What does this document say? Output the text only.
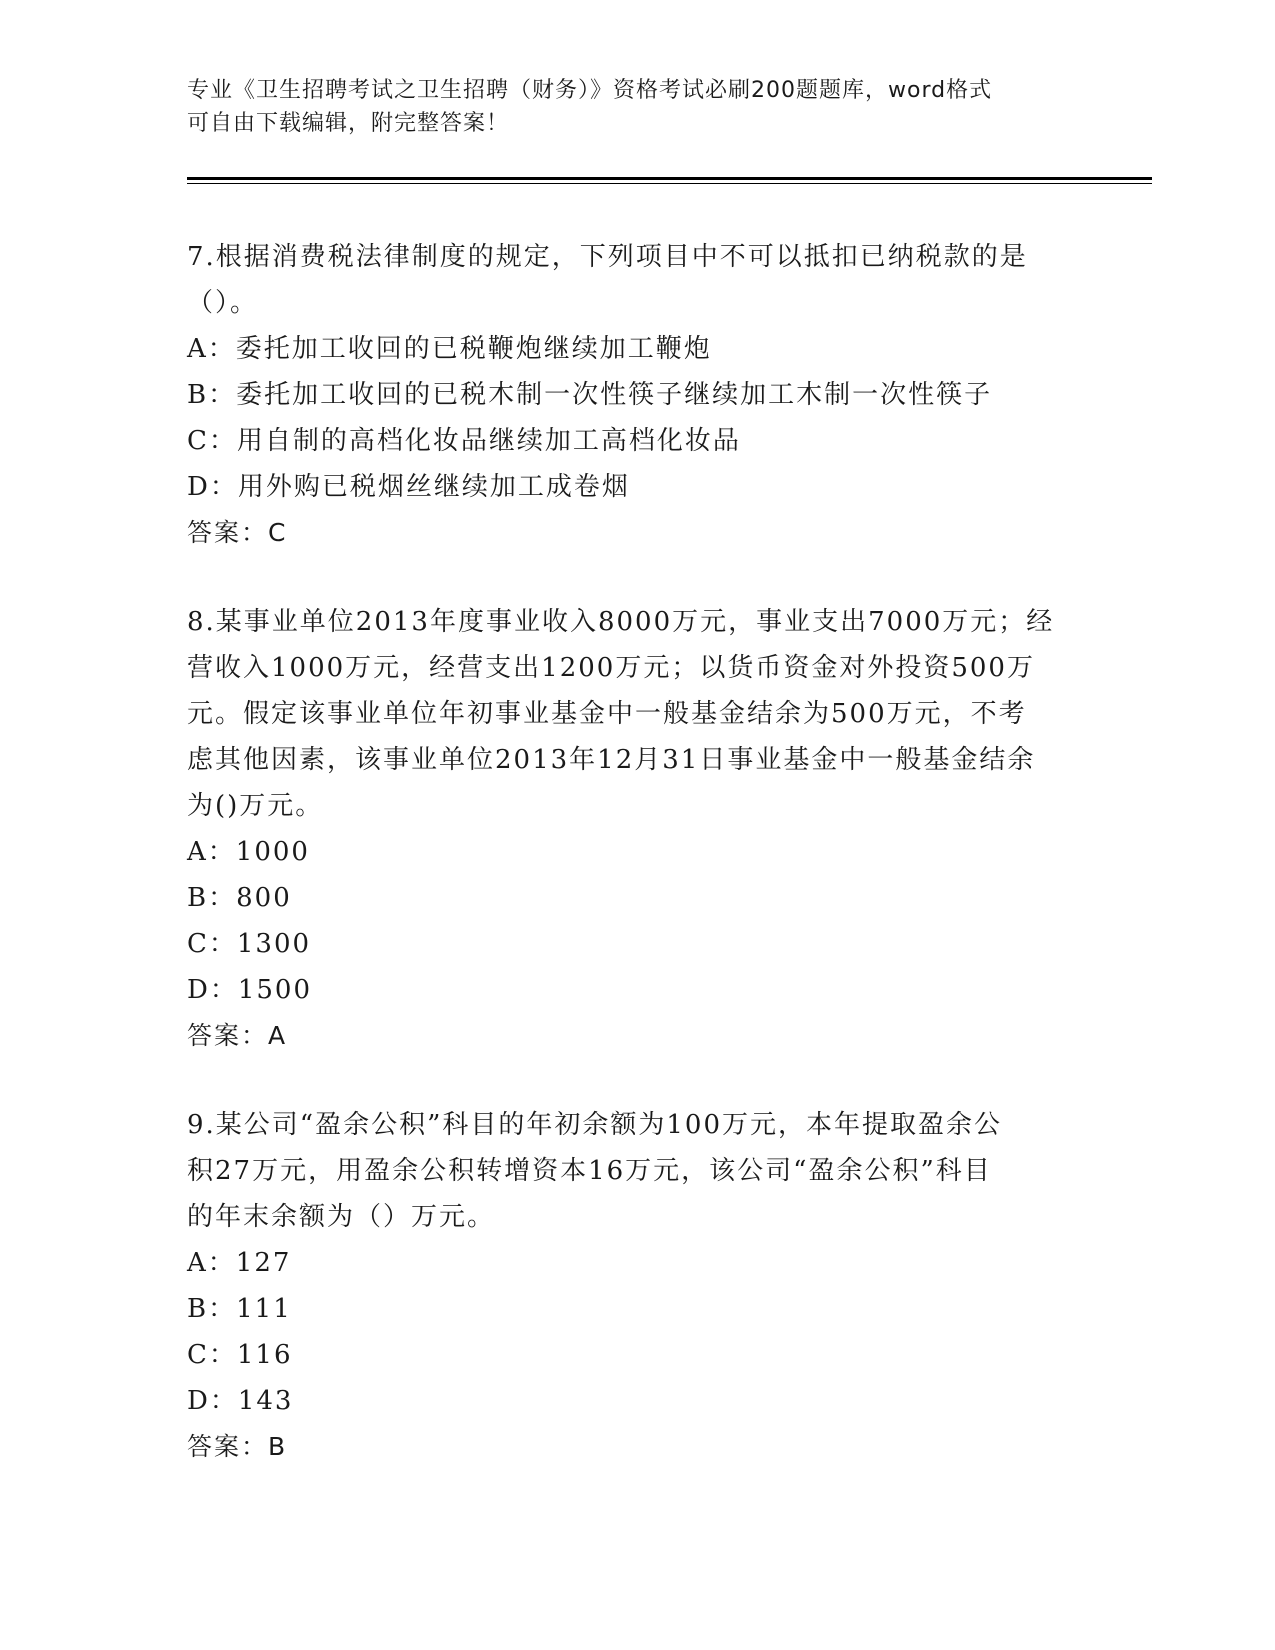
专业《卫生招聘考试之卫生招聘（财务）》资格考试必刷200题题库，word格式
可自由下载编辑，附完整答案！
7.根据消费税法律制度的规定，下列项目中不可以抵扣已纳税款的是
（）。
A：委托加工收回的已税鞭炮继续加工鞭炮
B：委托加工收回的已税木制一次性筷子继续加工木制一次性筷子
C：用自制的高档化妆品继续加工高档化妆品
D：用外购已税烟丝继续加工成卷烟
答案：C
8.某事业单位2013年度事业收入8000万元，事业支出7000万元；经
营收入1000万元，经营支出1200万元；以货币资金对外投资500万
元。假定该事业单位年初事业基金中一般基金结余为500万元，不考
虑其他因素，该事业单位2013年12月31日事业基金中一般基金结余
为()万元。
A：1000
B：800
C：1300
D：1500
答案：A
9.某公司“盈余公积”科目的年初余额为100万元，本年提取盈余公
积27万元，用盈余公积转增资本16万元，该公司“盈余公积”科目
的年末余额为（）万元。
A：127
B：111
C：116
D：143
答案：B
